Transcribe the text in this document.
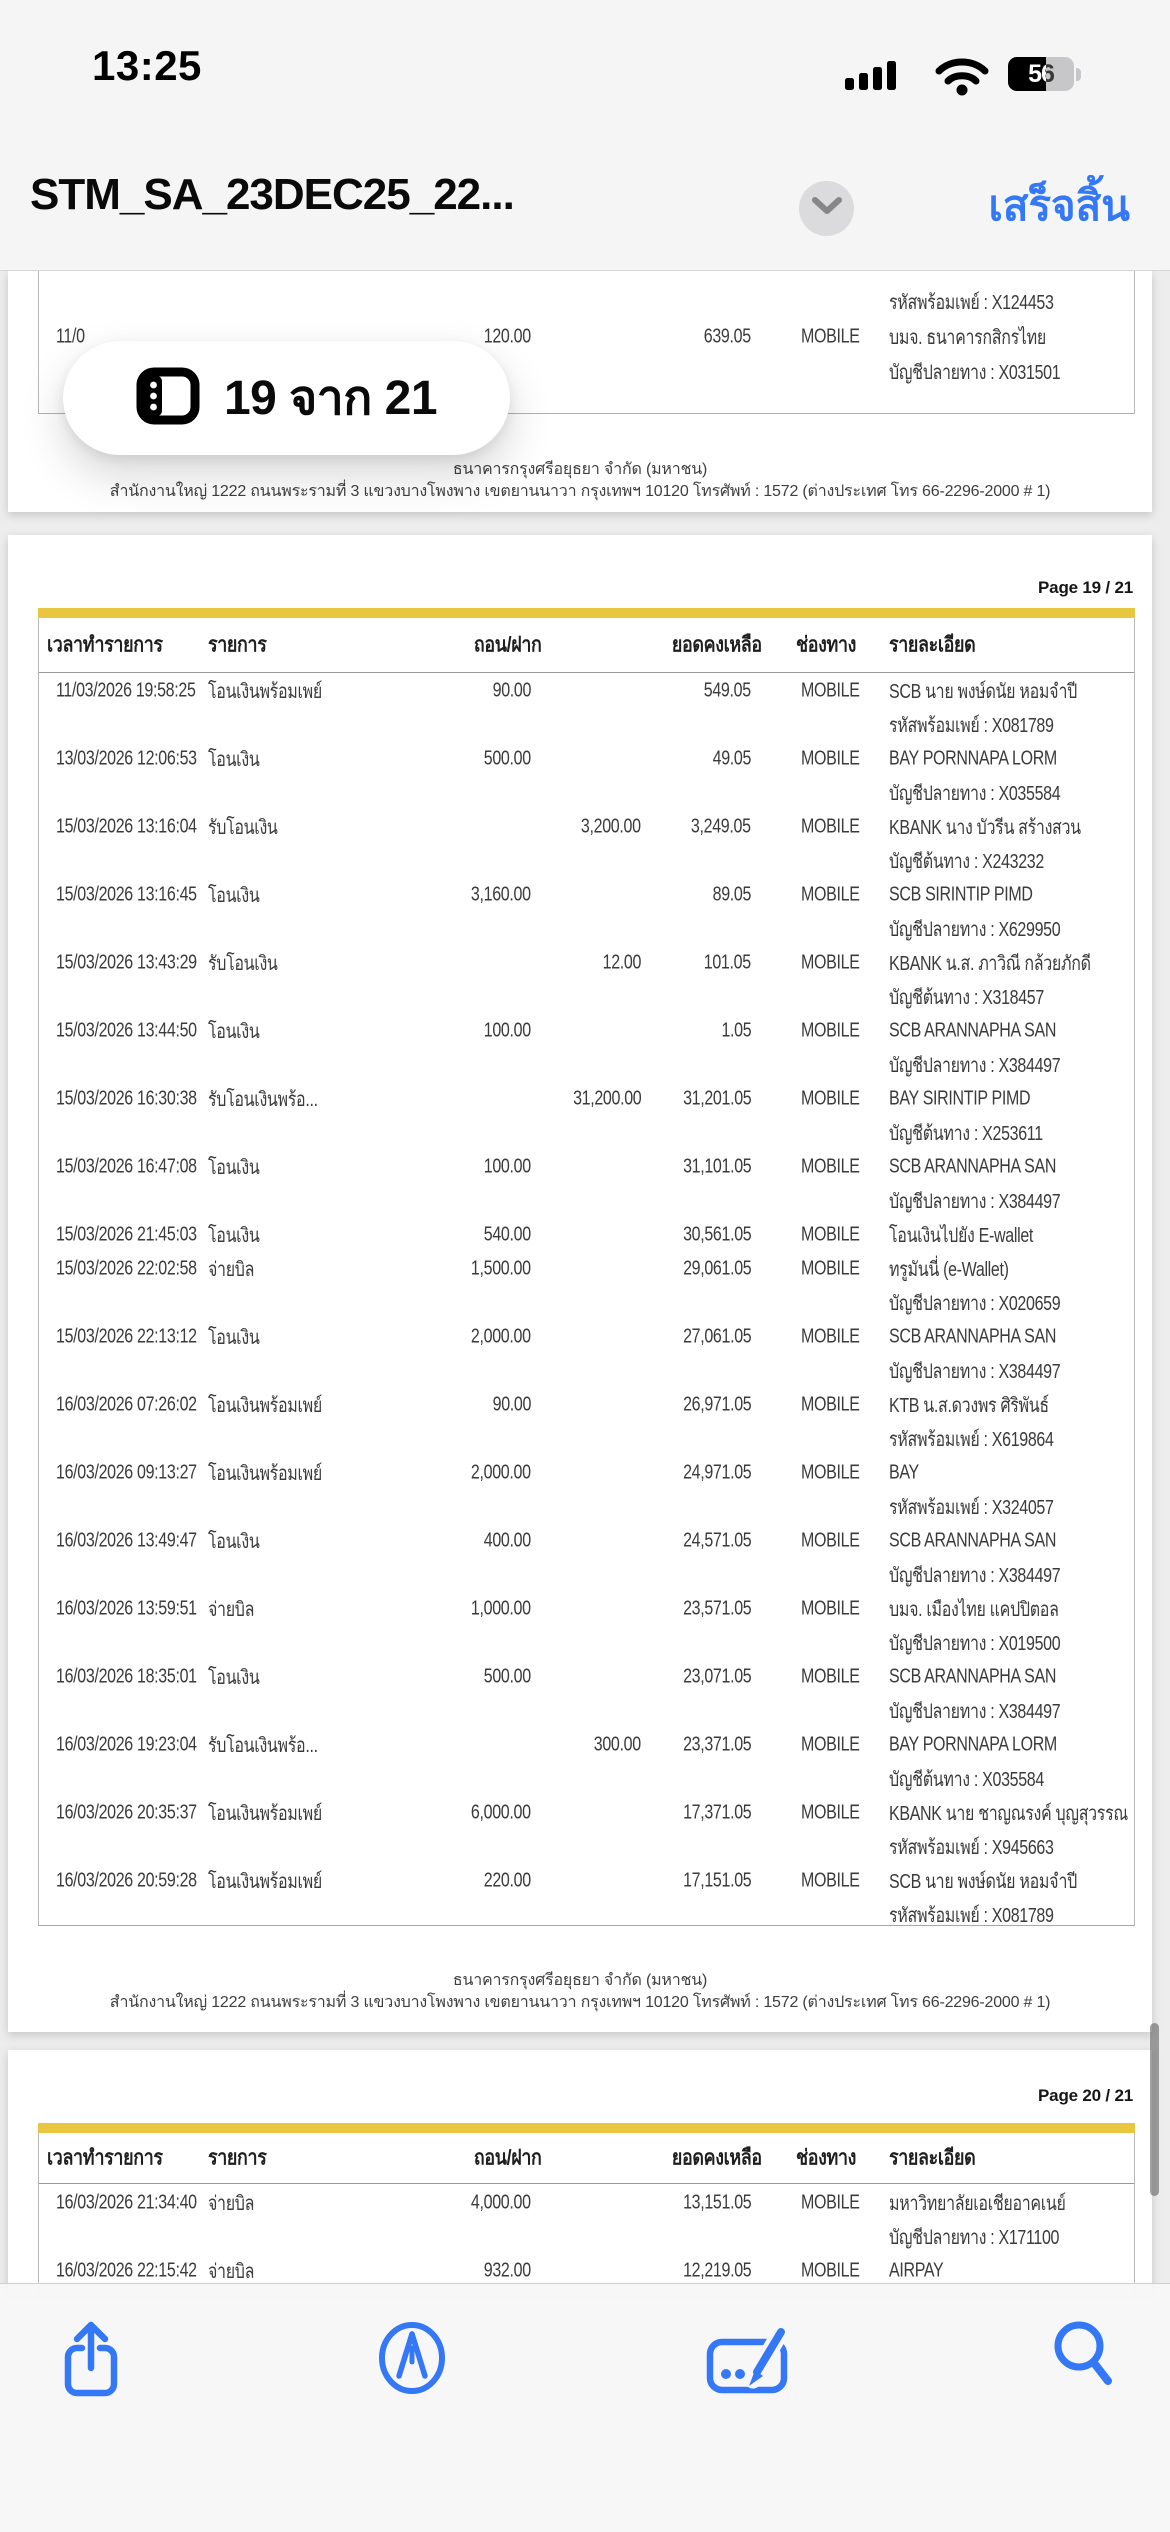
13:25	56
STM_SA_23DEC25_22...	เสร็จสิ้น
รหัสพร้อมเพย์ : X124453
11/0	120.00	639.05	MOBILE บมจ. ธนาคารกสิกรไทย
บัญชีปลายทาง : X031501
ธนาคารกรุงศรีอยุธยา จำกัด (มหาชน)
สำนักงานใหญ่ 1222 ถนนพระรามที่ 3 แขวงบางโพงพาง เขตยานนาวา กรุงเทพฯ 10120 โทรศัพท์ : 1572 (ต่างประเทศ โทร 66-2296-2000 # 1)
19 จาก 21
Page 19 / 21
เวลาทำรายการ รายการ	ถอน/ฝาก	ยอดคงเหลือ ช่องทาง รายละเอียด
11/03/2026 19:58:25 โอนเงินพร้อมเพย์	90.00	549.05	MOBILE SCB นาย พงษ์ดนัย หอมจำปี
รหัสพร้อมเพย์ : X081789
13/03/2026 12:06:53 โอนเงิน	500.00	49.05	MOBILE BAY PORNNAPA LORM
บัญชีปลายทาง : X035584
15/03/2026 13:16:04 รับโอนเงิน	3,200.00	3,249.05	MOBILE KBANK นาง บัวรีน สร้างสวน
บัญชีต้นทาง : X243232
15/03/2026 13:16:45 โอนเงิน	3,160.00	89.05	MOBILE SCB SIRINTIP PIMD
บัญชีปลายทาง : X629950
15/03/2026 13:43:29 รับโอนเงิน	12.00	101.05	MOBILE KBANK น.ส. ภาวิณี กล้วยภักดี
บัญชีต้นทาง : X318457
15/03/2026 13:44:50 โอนเงิน	100.00	1.05	MOBILE SCB ARANNAPHA SAN
บัญชีปลายทาง : X384497
15/03/2026 16:30:38 รับโอนเงินพร้อ...	31,200.00 31,201.05	MOBILE BAY SIRINTIP PIMD
บัญชีต้นทาง : X253611
15/03/2026 16:47:08 โอนเงิน	100.00	31,101.05	MOBILE SCB ARANNAPHA SAN
บัญชีปลายทาง : X384497
15/03/2026 21:45:03 โอนเงิน	540.00	30,561.05	MOBILE โอนเงินไปยัง E-wallet
15/03/2026 22:02:58 จ่ายบิล	1,500.00	29,061.05	MOBILE ทรูมันนี่ (e-Wallet)
บัญชีปลายทาง : X020659
15/03/2026 22:13:12 โอนเงิน	2,000.00	27,061.05	MOBILE SCB ARANNAPHA SAN
บัญชีปลายทาง : X384497
16/03/2026 07:26:02 โอนเงินพร้อมเพย์	90.00	26,971.05	MOBILE KTB น.ส.ดวงพร ศิริพันธ์
รหัสพร้อมเพย์ : X619864
16/03/2026 09:13:27 โอนเงินพร้อมเพย์	2,000.00	24,971.05	MOBILE BAY
รหัสพร้อมเพย์ : X324057
16/03/2026 13:49:47 โอนเงิน	400.00	24,571.05	MOBILE SCB ARANNAPHA SAN
บัญชีปลายทาง : X384497
16/03/2026 13:59:51 จ่ายบิล	1,000.00	23,571.05	MOBILE บมจ. เมืองไทย แคปปิตอล
บัญชีปลายทาง : X019500
16/03/2026 18:35:01 โอนเงิน	500.00	23,071.05	MOBILE SCB ARANNAPHA SAN
บัญชีปลายทาง : X384497
16/03/2026 19:23:04 รับโอนเงินพร้อ...	300.00 23,371.05	MOBILE BAY PORNNAPA LORM
บัญชีต้นทาง : X035584
16/03/2026 20:35:37 โอนเงินพร้อมเพย์	6,000.00	17,371.05	MOBILE KBANK นาย ชาญณรงค์ บุญสุวรรณ
รหัสพร้อมเพย์ : X945663
16/03/2026 20:59:28 โอนเงินพร้อมเพย์	220.00	17,151.05	MOBILE SCB นาย พงษ์ดนัย หอมจำปี
รหัสพร้อมเพย์ : X081789
ธนาคารกรุงศรีอยุธยา จำกัด (มหาชน)
สำนักงานใหญ่ 1222 ถนนพระรามที่ 3 แขวงบางโพงพาง เขตยานนาวา กรุงเทพฯ 10120 โทรศัพท์ : 1572 (ต่างประเทศ โทร 66-2296-2000 # 1)
Page 20 / 21
เวลาทำรายการ รายการ	ถอน/ฝาก	ยอดคงเหลือ ช่องทาง รายละเอียด
16/03/2026 21:34:40 จ่ายบิล	4,000.00	13,151.05	MOBILE มหาวิทยาลัยเอเชียอาคเนย์
บัญชีปลายทาง : X171100
16/03/2026 22:15:42 จ่ายบิล	932.00	12,219.05	MOBILE AIRPAY
